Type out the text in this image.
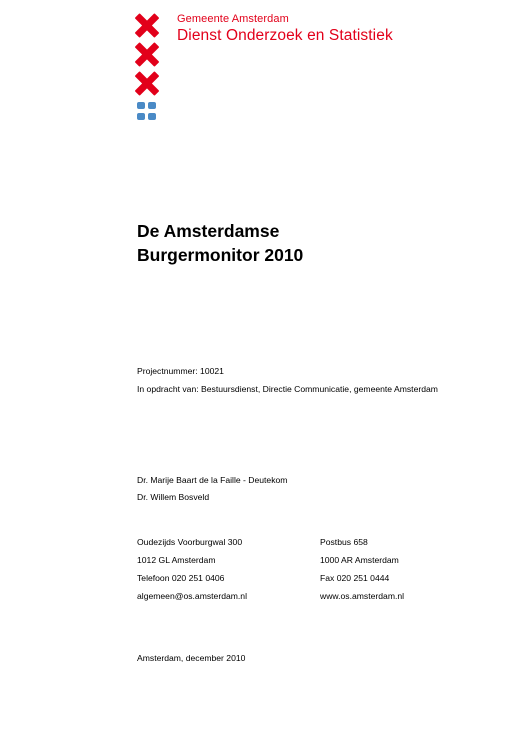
Gemeente Amsterdam
Dienst Onderzoek en Statistiek
De Amsterdamse
Burgermonitor 2010
Projectnummer: 10021
In opdracht van: Bestuursdienst, Directie Communicatie, gemeente Amsterdam
Dr. Marije Baart de la Faille - Deutekom
Dr. Willem Bosveld
Oudezijds Voorburgwal 300
1012 GL Amsterdam
Telefoon 020 251 0406
algemeen@os.amsterdam.nl
Postbus 658
1000 AR Amsterdam
Fax 020 251 0444
www.os.amsterdam.nl
Amsterdam, december 2010
